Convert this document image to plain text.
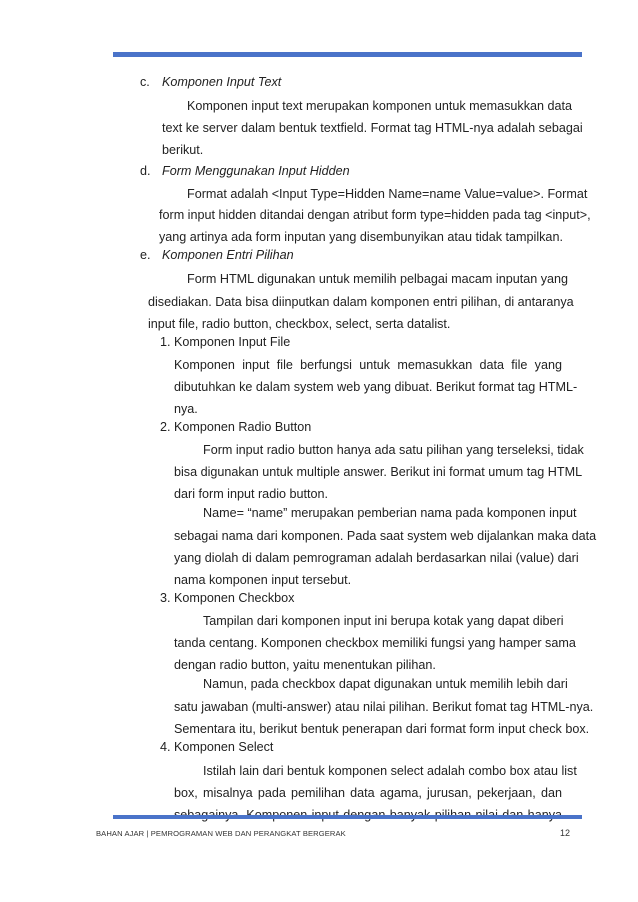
c. Komponen Input Text
Komponen input text merupakan komponen untuk memasukkan data
text ke server dalam bentuk textfield. Format tag HTML-nya adalah sebagai
berikut.
d. Form Menggunakan Input Hidden
Format adalah <Input Type=Hidden Name=name Value=value>. Format
form input hidden ditandai dengan atribut form type=hidden pada tag <input>,
yang artinya ada form inputan yang disembunyikan atau tidak tampilkan.
e. Komponen Entri Pilihan
Form HTML digunakan untuk memilih pelbagai macam inputan yang
disediakan. Data bisa diinputkan dalam komponen entri pilihan, di antaranya
input file, radio button, checkbox, select, serta datalist.
1. Komponen Input File
Komponen input file berfungsi untuk memasukkan data file yang
dibutuhkan ke dalam system web yang dibuat. Berikut format tag HTML-
nya.
2. Komponen Radio Button
Form input radio button hanya ada satu pilihan yang terseleksi, tidak
bisa digunakan untuk multiple answer. Berikut ini format umum tag HTML
dari form input radio button.
Name= “name” merupakan pemberian nama pada komponen input
sebagai nama dari komponen. Pada saat system web dijalankan maka data
yang diolah di dalam pemrograman adalah berdasarkan nilai (value) dari
nama komponen input tersebut.
3. Komponen Checkbox
Tampilan dari komponen input ini berupa kotak yang dapat diberi
tanda centang. Komponen checkbox memiliki fungsi yang hamper sama
dengan radio button, yaitu menentukan pilihan.
Namun, pada checkbox dapat digunakan untuk memilih lebih dari
satu jawaban (multi-answer) atau nilai pilihan. Berikut fomat tag HTML-nya.
Sementara itu, berikut bentuk penerapan dari format form input check box.
4. Komponen Select
Istilah lain dari bentuk komponen select adalah combo box atau list
box, misalnya pada pemilihan data agama, jurusan, pekerjaan, dan
BAHAN AJAR | PEMROGRAMAN WEB DAN PERANGKAT BERGERAK	12
